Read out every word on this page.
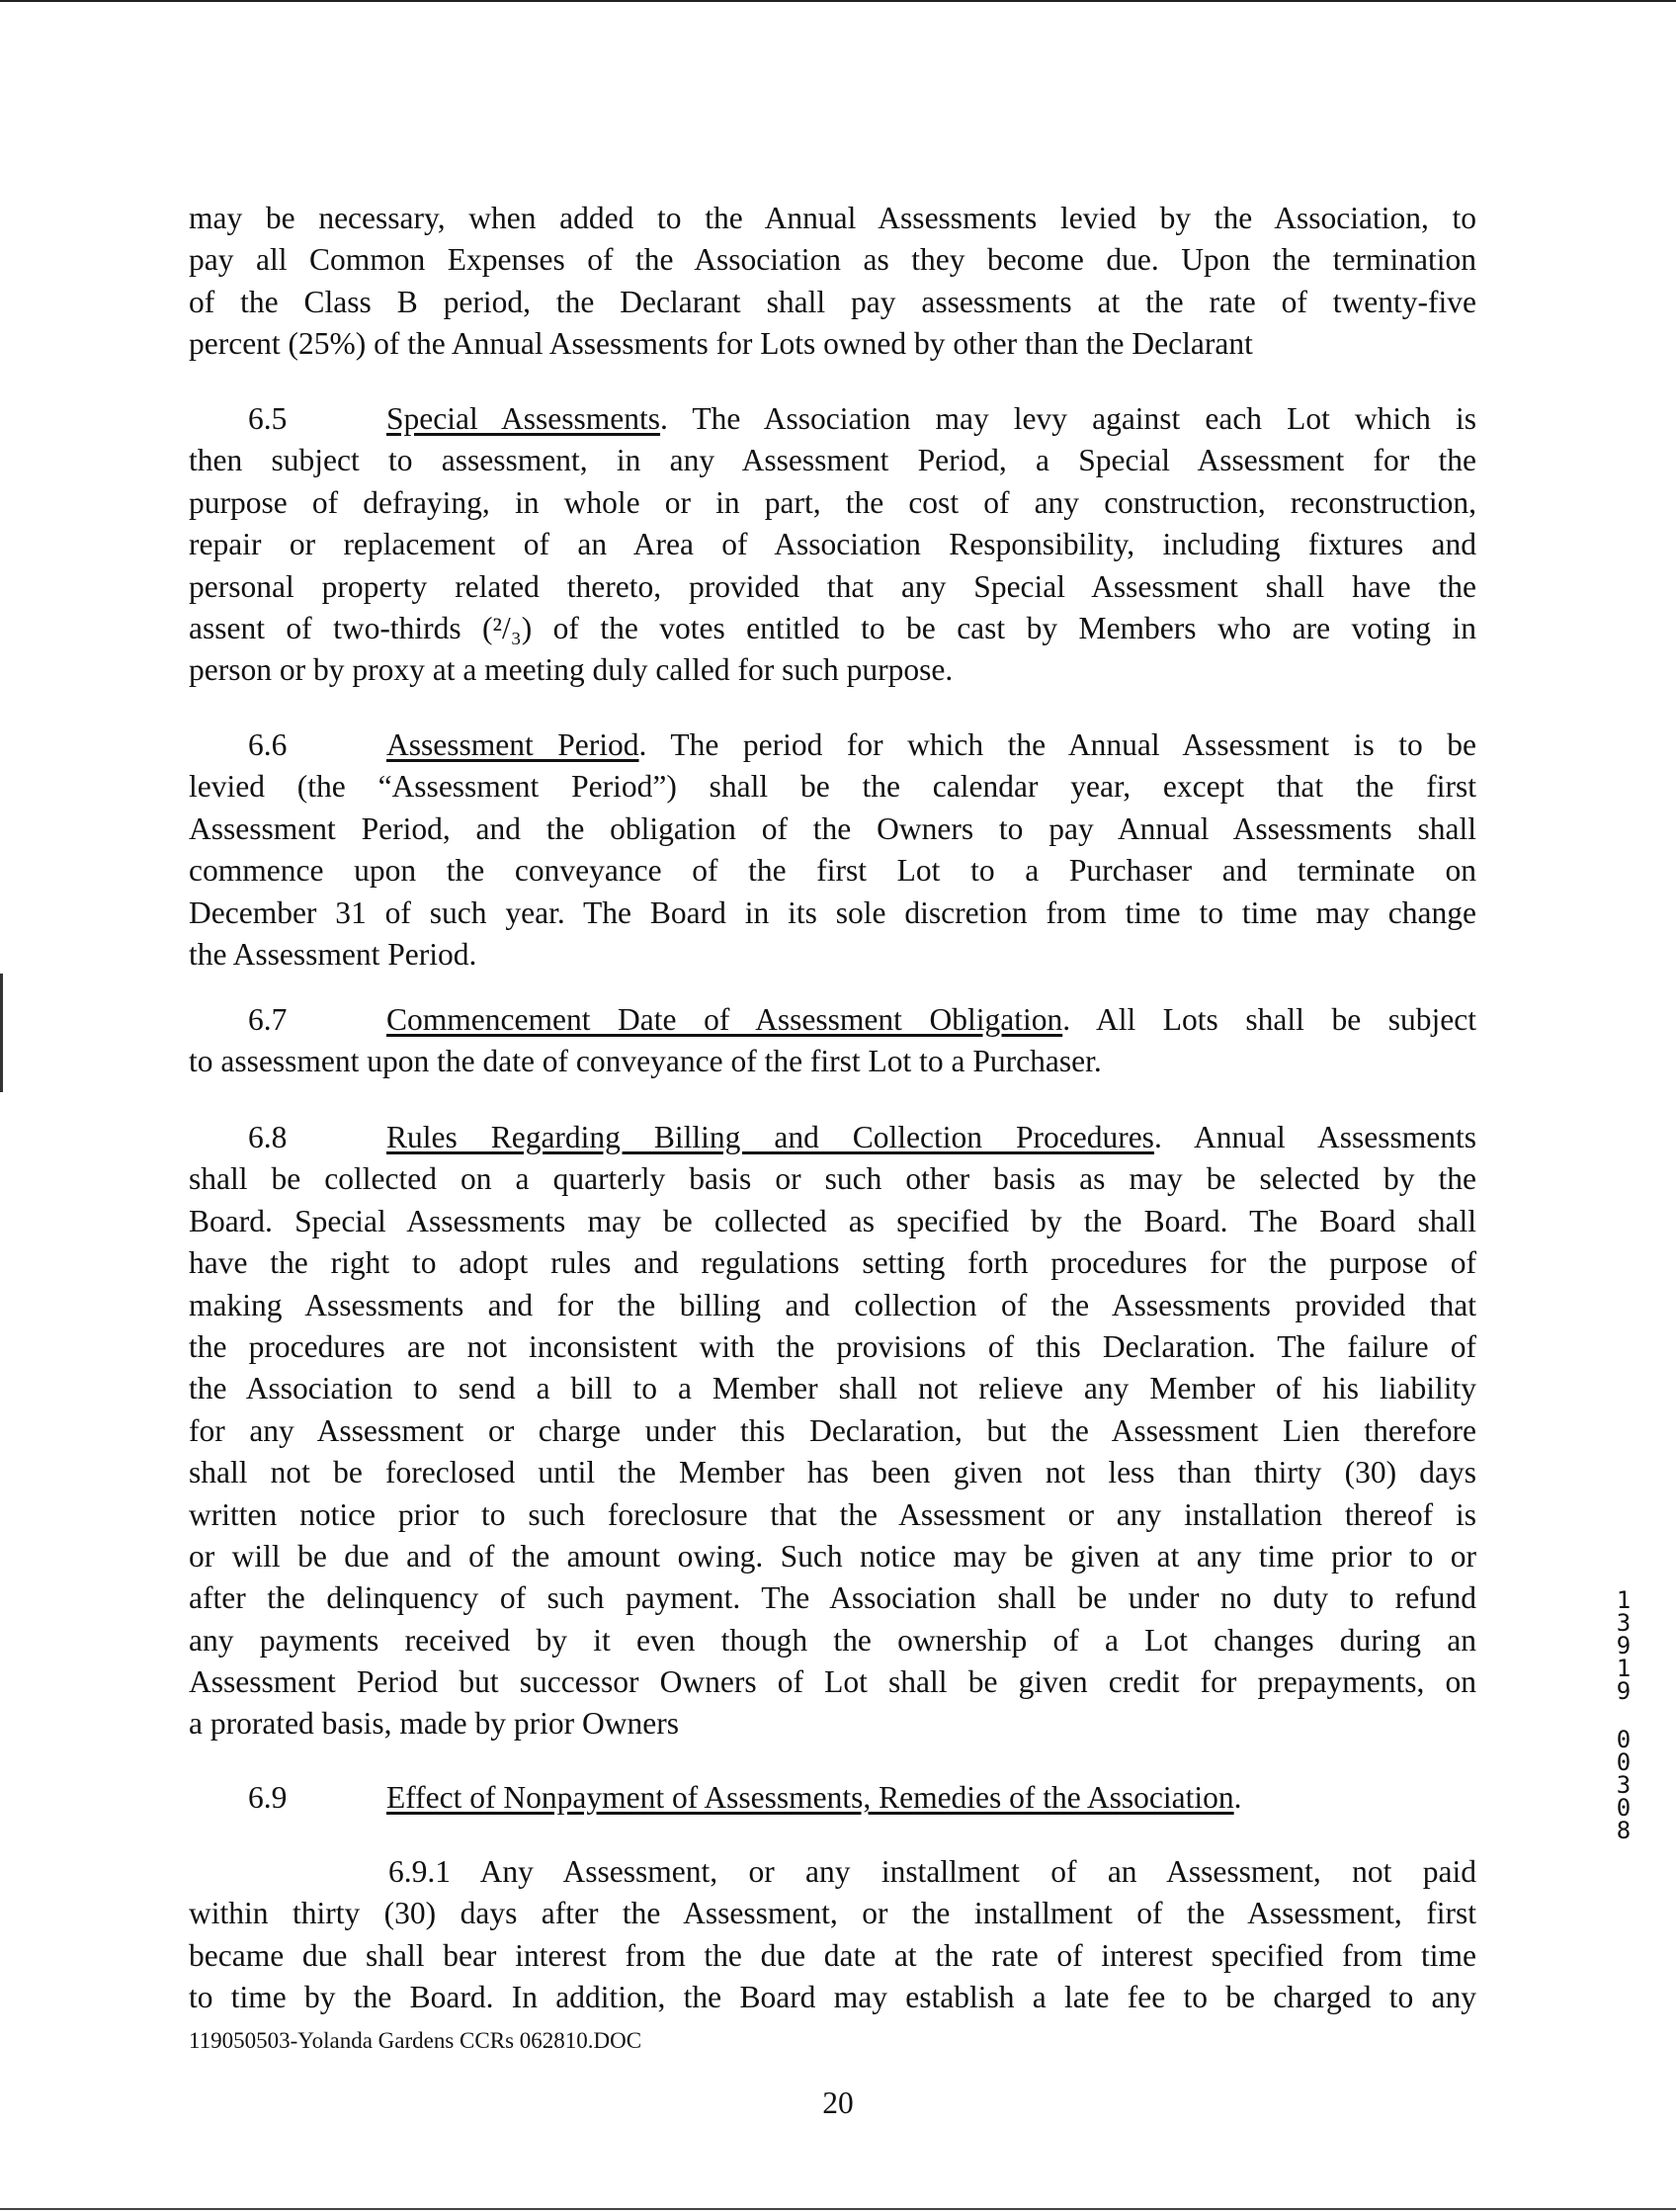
may be necessary, when added to the Annual Assessments levied by the Association, to
pay all Common Expenses of the Association as they become due. Upon the termination
of the Class B period, the Declarant shall pay assessments at the rate of twenty-five
percent (25%) of the Annual Assessments for Lots owned by other than the Declarant
6.5	Special Assessments. The Association may levy against each Lot which is
then subject to assessment, in any Assessment Period, a Special Assessment for the
purpose of defraying, in whole or in part, the cost of any construction, reconstruction,
repair or replacement of an Area of Association Responsibility, including fixtures and
personal property related thereto, provided that any Special Assessment shall have the
assent of two-thirds (²/₃) of the votes entitled to be cast by Members who are voting in
person or by proxy at a meeting duly called for such purpose.
6.6	Assessment Period. The period for which the Annual Assessment is to be
levied (the “Assessment Period”) shall be the calendar year, except that the first
Assessment Period, and the obligation of the Owners to pay Annual Assessments shall
commence upon the conveyance of the first Lot to a Purchaser and terminate on
December 31 of such year. The Board in its sole discretion from time to time may change
the Assessment Period.
6.7	Commencement Date of Assessment Obligation. All Lots shall be subject
to assessment upon the date of conveyance of the first Lot to a Purchaser.
6.8	Rules Regarding Billing and Collection Procedures. Annual Assessments
shall be collected on a quarterly basis or such other basis as may be selected by the
Board. Special Assessments may be collected as specified by the Board. The Board shall
have the right to adopt rules and regulations setting forth procedures for the purpose of
making Assessments and for the billing and collection of the Assessments provided that
the procedures are not inconsistent with the provisions of this Declaration. The failure of
the Association to send a bill to a Member shall not relieve any Member of his liability
for any Assessment or charge under this Declaration, but the Assessment Lien therefore
shall not be foreclosed until the Member has been given not less than thirty (30) days
written notice prior to such foreclosure that the Assessment or any installation thereof is
or will be due and of the amount owing. Such notice may be given at any time prior to or
after the delinquency of such payment. The Association shall be under no duty to refund
any payments received by it even though the ownership of a Lot changes during an
Assessment Period but successor Owners of Lot shall be given credit for prepayments, on
a prorated basis, made by prior Owners
6.9	Effect of Nonpayment of Assessments, Remedies of the Association.
6.9.1 Any Assessment, or any installment of an Assessment, not paid
within thirty (30) days after the Assessment, or the installment of the Assessment, first
became due shall bear interest from the due date at the rate of interest specified from time
to time by the Board. In addition, the Board may establish a late fee to be charged to any
119050503-Yolanda Gardens CCRs 062810.DOC
20
1
3
9
1
9
0
0
3
0
8
